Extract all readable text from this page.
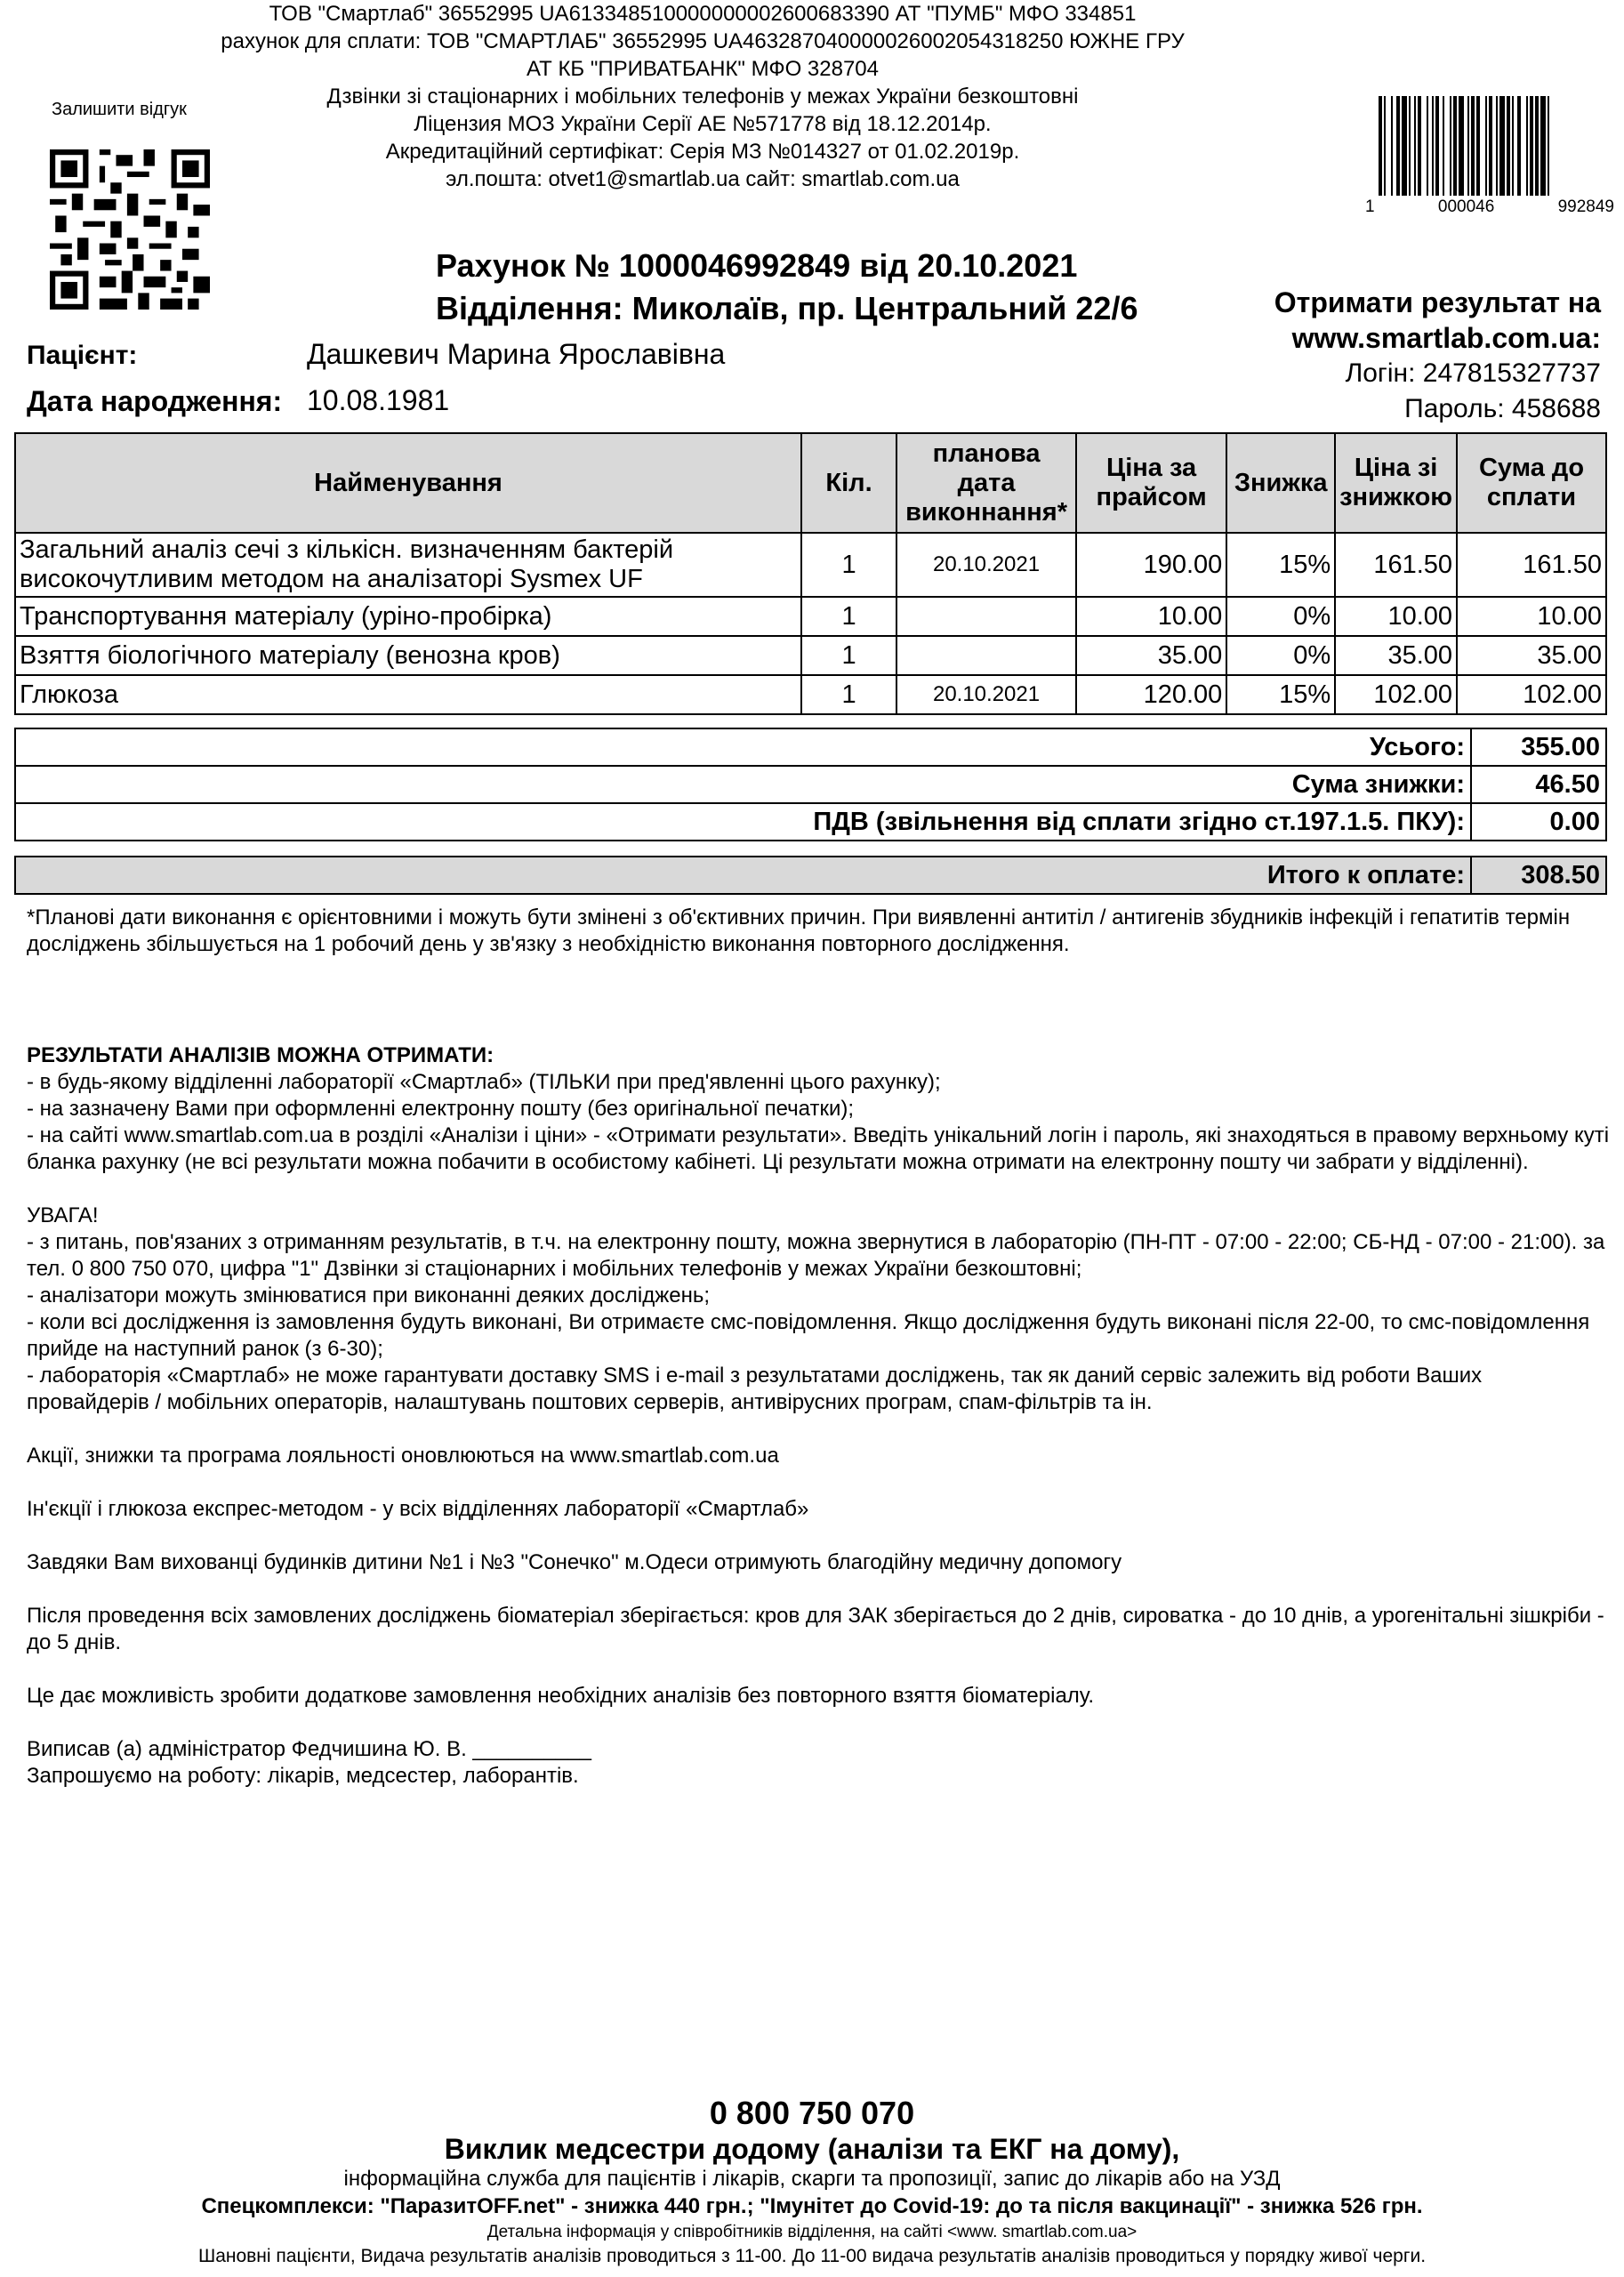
ТОВ "Смартлаб" 36552995 UA613348510000000002600683390 АТ "ПУМБ" МФО 334851
рахунок для сплати: ТОВ "СМАРТЛАБ" 36552995 UA463287040000026002054318250 ЮЖНЕ ГРУ
АТ КБ "ПРИВАТБАНК" МФО 328704
Дзвінки зі стаціонарних і мобільних телефонів у межах України безкоштовні
Ліцензия МОЗ України Серії АЕ №571778 від 18.12.2014р.
Акредитаційний сертифікат: Серія МЗ №014327 от 01.02.2019р.
эл.пошта: otvet1@smartlab.ua сайт: smartlab.com.ua
Залишити відгук
1	000046	992849
Рахунок № 1000046992849 від 20.10.2021
Відділення: Миколаїв, пр. Центральний 22/6	Отримати результат на
www.smartlab.com.ua:
Логін: 247815327737
Пароль: 458688
Пацієнт:	Дашкевич Марина Ярославівна
Дата народження: 10.08.1981
Найменування	Кіл.	планова дата виконнання*	Ціна за прайсом	Знижка	Ціна зі знижкою	Сума до сплати

Загальний аналіз сечі з кількісн. визначенням бактерій
високочутливим методом на аналізаторі Sysmex UF	1	20.10.2021	190.00	15%	161.50	161.50
Транспортування матеріалу (уріно-пробірка)	1		10.00	0%	10.00	10.00
Взяття біологічного матеріалу (венозна кров)	1		35.00	0%	35.00	35.00
Глюкоза	1	20.10.2021	120.00	15%	102.00	102.00
Усього:	355.00
Сума знижки:	46.50
ПДВ (звільнення від сплати згідно ст.197.1.5. ПКУ):	0.00
Итого к оплате:	308.50
*Планові дати виконання є орієнтовними і можуть бути змінені з об'єктивних причин. При виявленні антитіл / антигенів збудників інфекцій і гепатитів термін досліджень збільшується на 1 робочий день у зв'язку з необхідністю виконання повторного дослідження.

РЕЗУЛЬТАТИ АНАЛІЗІВ МОЖНА ОТРИМАТИ:

- в будь-якому відділенні лабораторії «Смартлаб» (ТІЛЬКИ при пред'явленні цього рахунку);

- на зазначену Вами при оформленні електронну пошту (без оригінальної печатки);

- на сайті www.smartlab.com.ua в розділі «Аналізи і ціни» - «Отримати результати». Введіть унікальний логін і пароль, які знаходяться в правому верхньому куті бланка рахунку (не всі результати можна побачити в особистому кабінеті. Ці результати можна отримати на електронну пошту чи забрати у відділенні).

УВАГА!

- з питань, пов'язаних з отриманням результатів, в т.ч. на електронну пошту, можна звернутися в лабораторію (ПН-ПТ - 07:00 - 22:00; СБ-НД - 07:00 - 21:00). за тел. 0 800 750 070, цифра "1" Дзвінки зі стаціонарних і мобільних телефонів у межах України безкоштовні;

- аналізатори можуть змінюватися при виконанні деяких досліджень;

- коли всі дослідження із замовлення будуть виконані, Ви отримаєте смс-повідомлення. Якщо дослідження будуть виконані після 22-00, то смс-повідомлення прийде на наступний ранок (з 6-30);

- лабораторія «Смартлаб» не може гарантувати доставку SMS і e-mail з результатами досліджень, так як даний сервіс залежить від роботи Ваших провайдерів / мобільних операторів, налаштувань поштових серверів, антивірусних програм, спам-фільтрів та ін.

Акції, знижки та програма лояльності оновлюються на www.smartlab.com.ua

Ін'єкції і глюкоза експрес-методом - у всіх відділеннях лабораторії «Смартлаб»

Завдяки Вам вихованці будинків дитини №1 і №3 "Сонечко" м.Одеси отримують благодійну медичну допомогу

Після проведення всіх замовлених досліджень біоматеріал зберігається: кров для ЗАК зберігається до 2 днів, сироватка - до 10 днів, а урогенітальні зішкріби - до 5 днів.

Це дає можливість зробити додаткове замовлення необхідних аналізів без повторного взяття біоматеріалу.

Виписав (а) адміністратор Федчишина Ю. В. __________

Запрошуємо на роботу: лікарів, медсестер, лаборантів.

0 800 750 070
Виклик медсестри додому (аналізи та ЕКГ на дому),
інформаційна служба для пацієнтів і лікарів, скарги та пропозиції, запис до лікарів або на УЗД
Спецкомплекси: "ПаразитOFF.net" - знижка 440 грн.; "Імунітет до Covid-19: до та після вакцинації" - знижка 526 грн.
Детальна інформація у співробітників відділення, на сайті <www. smartlab.com.ua>
Шановні пацієнти, Видача результатів аналізів проводиться з 11-00. До 11-00 видача результатів аналізів проводиться у порядку живої черги.
